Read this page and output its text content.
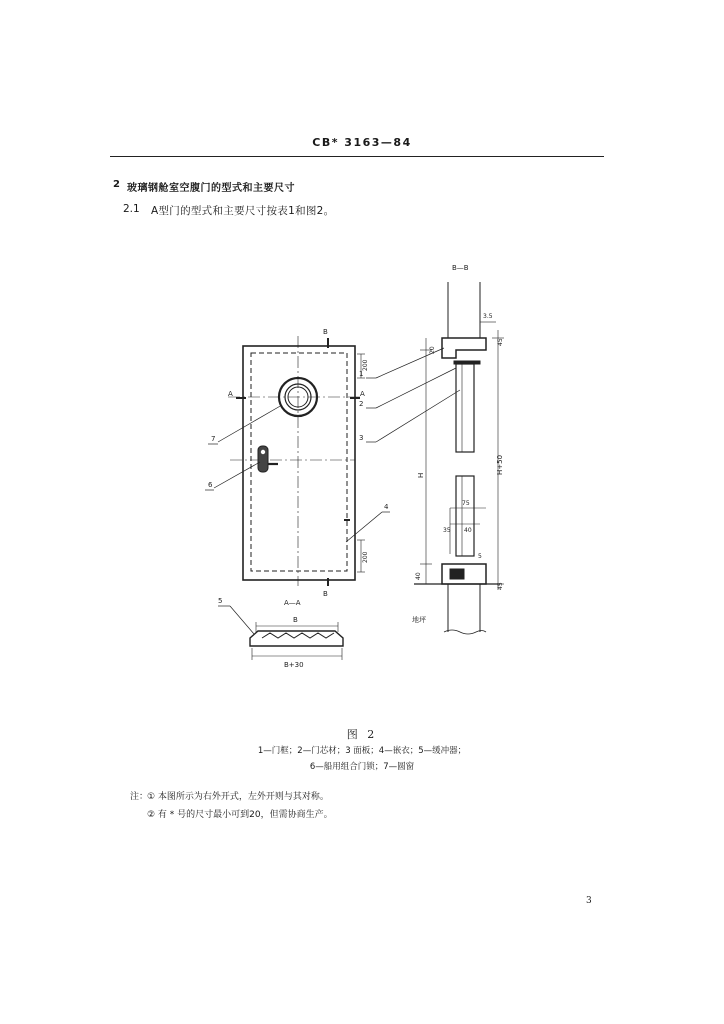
CB* 3163—84
2 玻璃钢舱室空腹门的型式和主要尺寸
2.1 A型门的型式和主要尺寸按表1和图2。
B—B
B
B
A	A
200
200
A—A
B
B+30
1
2
3
4
5
6
7
3.5
20
45
H
H+50
75
35 40
5
40
45
地坪
图 2
1—门框；2—门芯材；3 面板；4—嵌衣；5—缓冲器；
6—船用组合门锁；7—圆窗
注：
① 本图所示为右外开式，左外开则与其对称。
② 有 * 号的尺寸最小可到20，但需协商生产。
3
